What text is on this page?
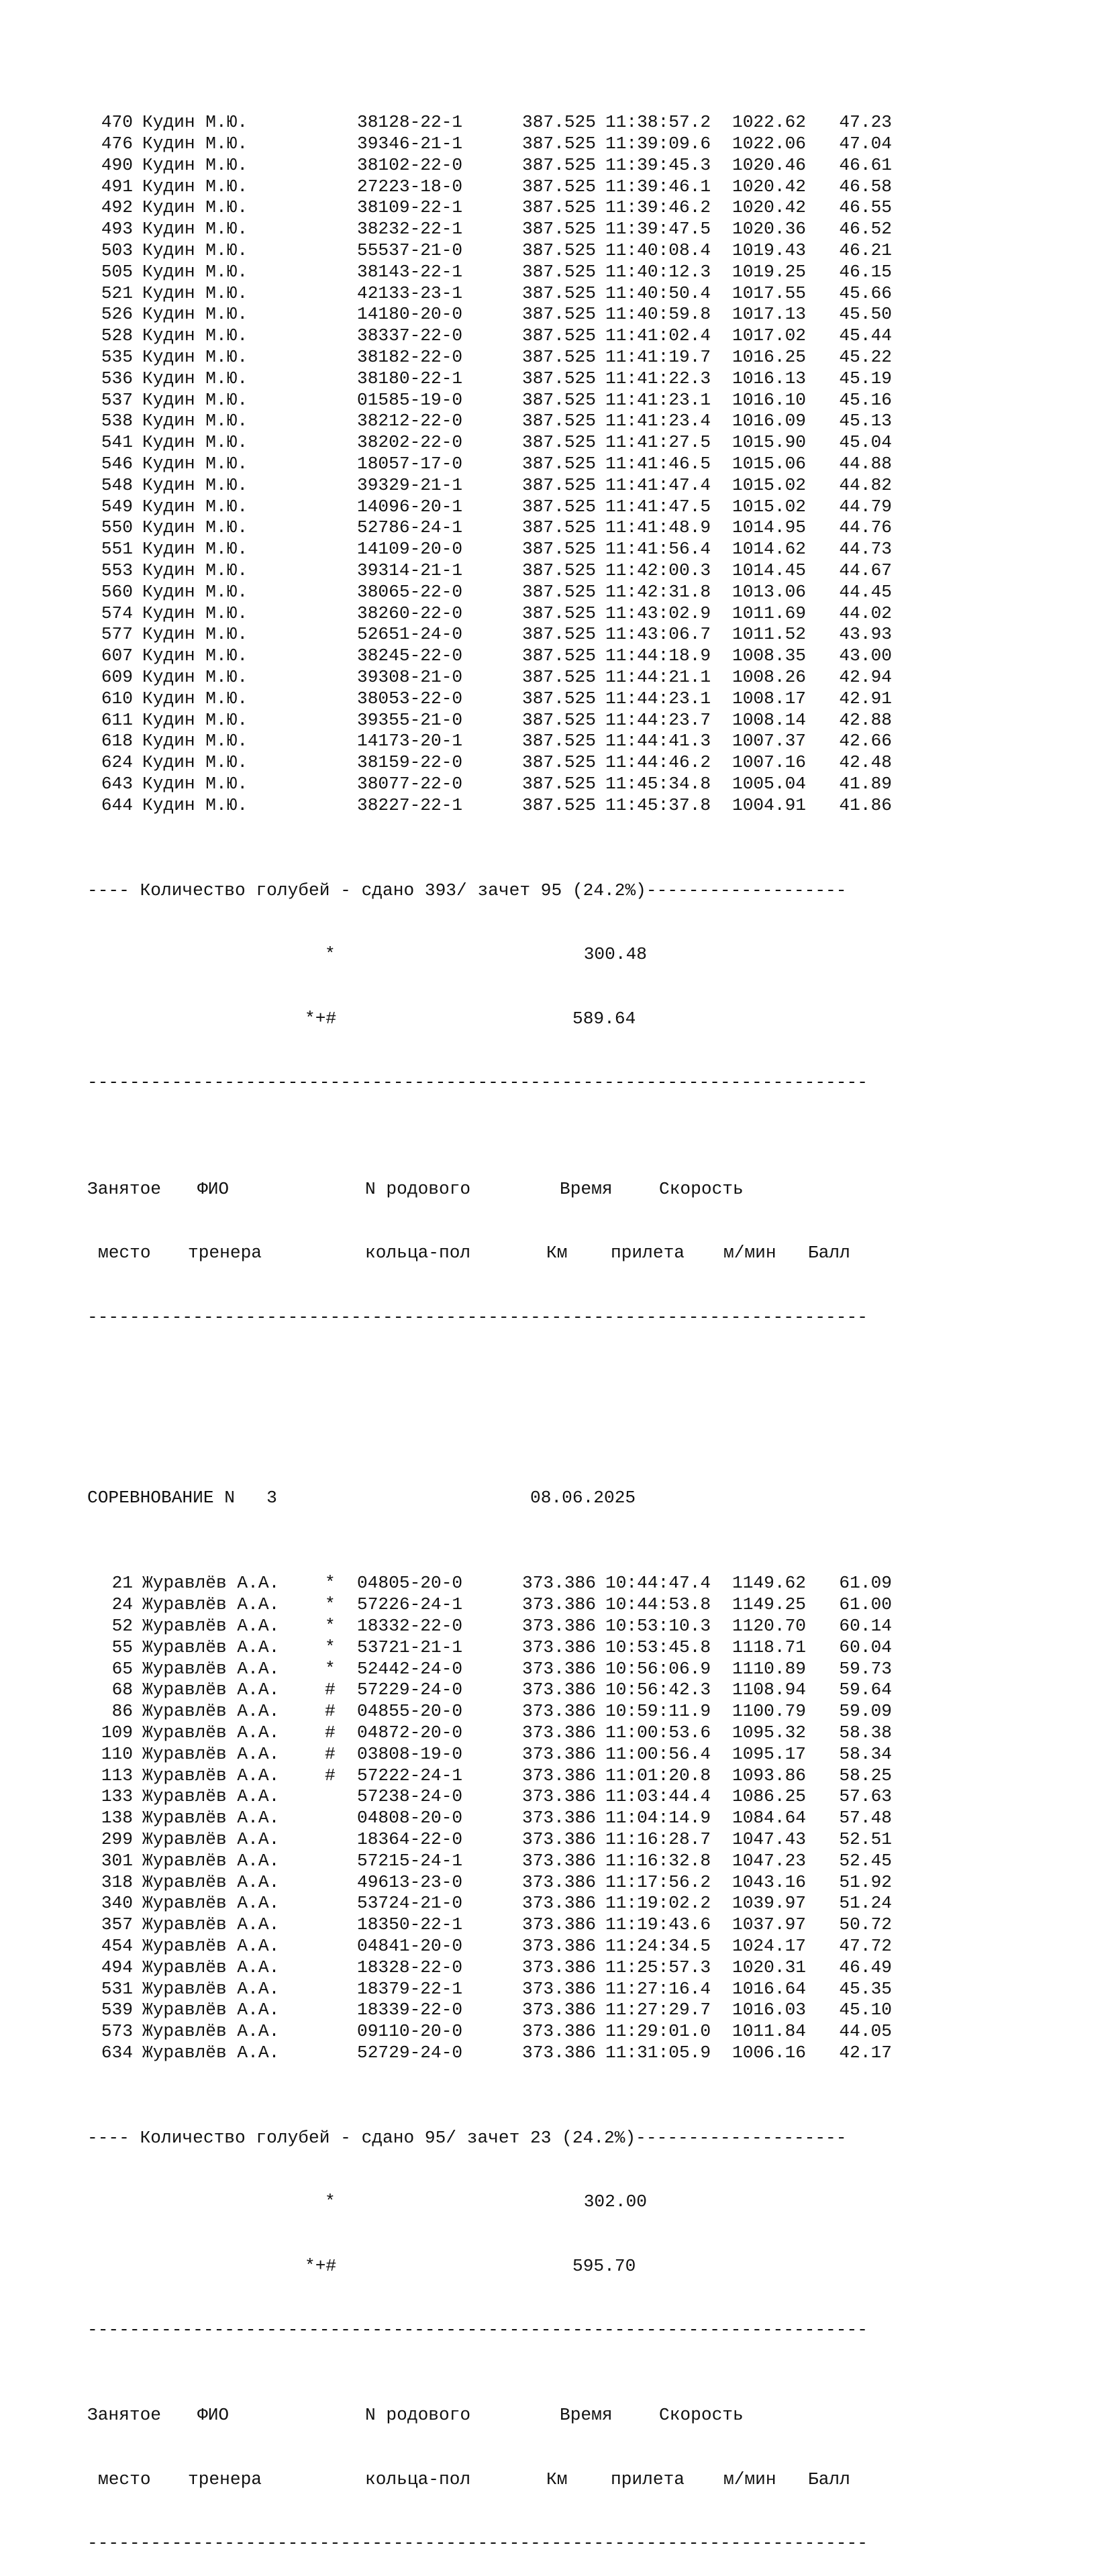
470 Кудин М.Ю.	38128-22-1	387.525 11:38:57.2 1022.62 47.23
476 Кудин М.Ю.	39346-21-1	387.525 11:39:09.6 1022.06 47.04
490 Кудин М.Ю.	38102-22-0	387.525 11:39:45.3 1020.46 46.61
491 Кудин М.Ю.	27223-18-0	387.525 11:39:46.1 1020.42 46.58
492 Кудин М.Ю.	38109-22-1	387.525 11:39:46.2 1020.42 46.55
493 Кудин М.Ю.	38232-22-1	387.525 11:39:47.5 1020.36 46.52
503 Кудин М.Ю.	55537-21-0	387.525 11:40:08.4 1019.43 46.21
505 Кудин М.Ю.	38143-22-1	387.525 11:40:12.3 1019.25 46.15
521 Кудин М.Ю.	42133-23-1	387.525 11:40:50.4 1017.55 45.66
526 Кудин М.Ю.	14180-20-0	387.525 11:40:59.8 1017.13 45.50
528 Кудин М.Ю.	38337-22-0	387.525 11:41:02.4 1017.02 45.44
535 Кудин М.Ю.	38182-22-0	387.525 11:41:19.7 1016.25 45.22
536 Кудин М.Ю.	38180-22-1	387.525 11:41:22.3 1016.13 45.19
537 Кудин М.Ю.	01585-19-0	387.525 11:41:23.1 1016.10 45.16
538 Кудин М.Ю.	38212-22-0	387.525 11:41:23.4 1016.09 45.13
541 Кудин М.Ю.	38202-22-0	387.525 11:41:27.5 1015.90 45.04
546 Кудин М.Ю.	18057-17-0	387.525 11:41:46.5 1015.06 44.88
548 Кудин М.Ю.	39329-21-1	387.525 11:41:47.4 1015.02 44.82
549 Кудин М.Ю.	14096-20-1	387.525 11:41:47.5 1015.02 44.79
550 Кудин М.Ю.	52786-24-1	387.525 11:41:48.9 1014.95 44.76
551 Кудин М.Ю.	14109-20-0	387.525 11:41:56.4 1014.62 44.73
553 Кудин М.Ю.	39314-21-1	387.525 11:42:00.3 1014.45 44.67
560 Кудин М.Ю.	38065-22-0	387.525 11:42:31.8 1013.06 44.45
574 Кудин М.Ю.	38260-22-0	387.525 11:43:02.9 1011.69 44.02
577 Кудин М.Ю.	52651-24-0	387.525 11:43:06.7 1011.52 43.93
607 Кудин М.Ю.	38245-22-0	387.525 11:44:18.9 1008.35 43.00
609 Кудин М.Ю.	39308-21-0	387.525 11:44:21.1 1008.26 42.94
610 Кудин М.Ю.	38053-22-0	387.525 11:44:23.1 1008.17 42.91
611 Кудин М.Ю.	39355-21-0	387.525 11:44:23.7 1008.14 42.88
618 Кудин М.Ю.	14173-20-1	387.525 11:44:41.3 1007.37 42.66
624 Кудин М.Ю.	38159-22-0	387.525 11:44:46.2 1007.16 42.48
643 Кудин М.Ю.	38077-22-0	387.525 11:45:34.8 1005.04 41.89
644 Кудин М.Ю.	38227-22-1	387.525 11:45:37.8 1004.91 41.86

---- Количество голубей - сдано 393/ зачет 95 (24.2%)-------------------

*	300.48

*+#	589.64

--------------------------------------------------------------------------

Занятое ФИО	N родового	Время	Скорость

место тренера	кольца-пол	Км прилета м/мин Балл

--------------------------------------------------------------------------

СОРЕВНОВАНИЕ N   3	08.06.2025

21 Журавлёв А.А.	* 04805-20-0	373.386 10:44:47.4 1149.62 61.09
24 Журавлёв А.А.	* 57226-24-1	373.386 10:44:53.8 1149.25 61.00
52 Журавлёв А.А.	* 18332-22-0	373.386 10:53:10.3 1120.70 60.14
55 Журавлёв А.А.	* 53721-21-1	373.386 10:53:45.8 1118.71 60.04
65 Журавлёв А.А.	* 52442-24-0	373.386 10:56:06.9 1110.89 59.73
68 Журавлёв А.А.	# 57229-24-0	373.386 10:56:42.3 1108.94 59.64
86 Журавлёв А.А.	# 04855-20-0	373.386 10:59:11.9 1100.79 59.09
109 Журавлёв А.А.	# 04872-20-0	373.386 11:00:53.6 1095.32 58.38
110 Журавлёв А.А.	# 03808-19-0	373.386 11:00:56.4 1095.17 58.34
113 Журавлёв А.А.	# 57222-24-1	373.386 11:01:20.8 1093.86 58.25
133 Журавлёв А.А.	57238-24-0	373.386 11:03:44.4 1086.25 57.63
138 Журавлёв А.А.	04808-20-0	373.386 11:04:14.9 1084.64 57.48
299 Журавлёв А.А.	18364-22-0	373.386 11:16:28.7 1047.43 52.51
301 Журавлёв А.А.	57215-24-1	373.386 11:16:32.8 1047.23 52.45
318 Журавлёв А.А.	49613-23-0	373.386 11:17:56.2 1043.16 51.92
340 Журавлёв А.А.	53724-21-0	373.386 11:19:02.2 1039.97 51.24
357 Журавлёв А.А.	18350-22-1	373.386 11:19:43.6 1037.97 50.72
454 Журавлёв А.А.	04841-20-0	373.386 11:24:34.5 1024.17 47.72
494 Журавлёв А.А.	18328-22-0	373.386 11:25:57.3 1020.31 46.49
531 Журавлёв А.А.	18379-22-1	373.386 11:27:16.4 1016.64 45.35
539 Журавлёв А.А.	18339-22-0	373.386 11:27:29.7 1016.03 45.10
573 Журавлёв А.А.	09110-20-0	373.386 11:29:01.0 1011.84 44.05
634 Журавлёв А.А.	52729-24-0	373.386 11:31:05.9 1006.16 42.17

---- Количество голубей - сдано 95/ зачет 23 (24.2%)--------------------

*	302.00

*+#	595.70

--------------------------------------------------------------------------

Занятое ФИО	N родового	Время	Скорость

место тренера	кольца-пол	Км прилета м/мин Балл

--------------------------------------------------------------------------
